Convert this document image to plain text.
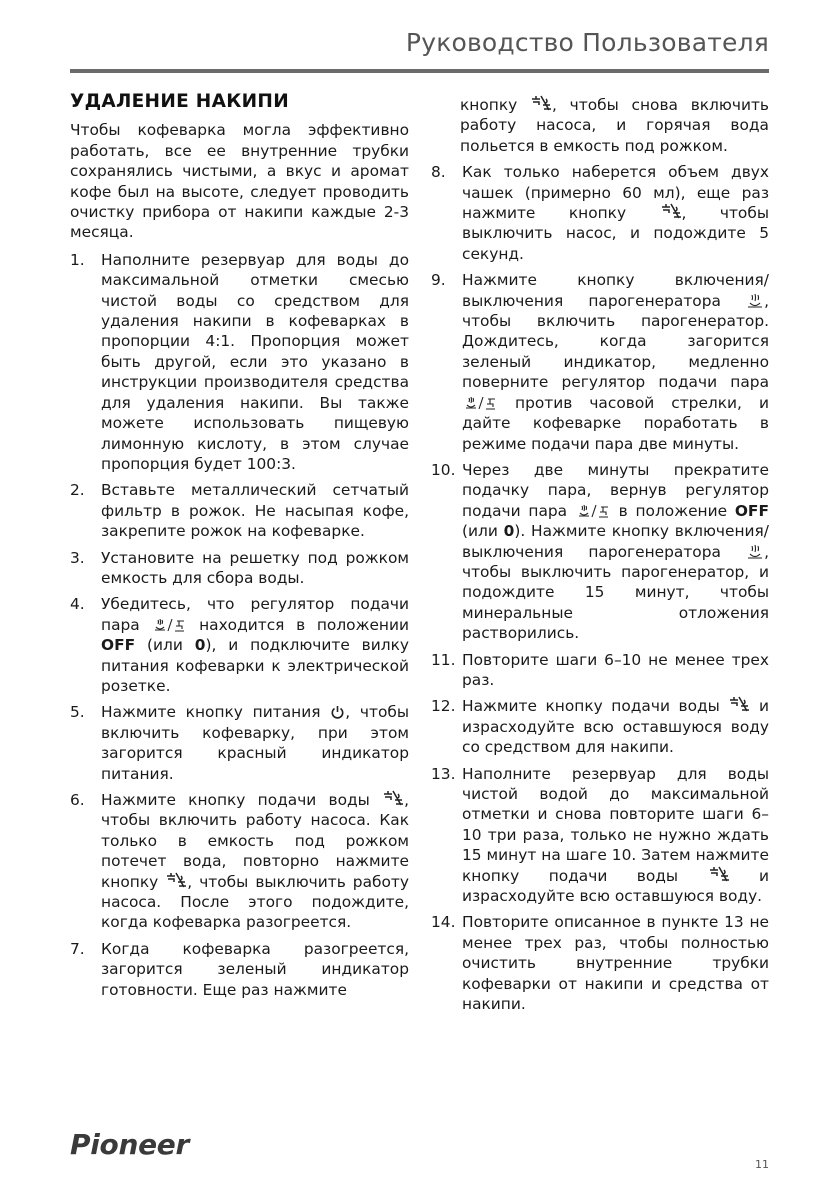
Руководство Пользователя
УДАЛЕНИЕ НАКИПИ
Чтобы кофеварка могла эффективно работать, все ее внутренние трубки сохранялись чистыми, а вкус и аромат кофе был на высоте, следует проводить очистку прибора от накипи каждые 2-3 месяца.
1.	Наполните резервуар для воды до максимальной отметки смесью чистой воды со средством для удаления накипи в кофеварках в пропорции 4:1. Пропорция может быть другой, если это указано в инструкции производителя средства для удаления накипи. Вы также можете использовать пищевую лимонную кислоту, в этом случае пропорция будет 100:3.
2.	Вставьте металлический сетчатый фильтр в рожок. Не насыпая кофе, закрепите рожок на кофеварке.
3.	Установите на решетку под рожком емкость для сбора воды.
4.	Убедитесь, что регулятор подачи пара	находится в положении OFF (или 0), и подключите вилку питания кофеварки к электрической розетке.
5.	Нажмите кнопку питания , чтобы включить кофеварку, при этом загорится красный индикатор питания.
6.	Нажмите кнопку подачи воды , чтобы включить работу насоса. Как только в емкость под рожком потечет вода, повторно нажмите кнопку , чтобы выключить работу насоса. После этого подождите, когда кофеварка разогреется.
7.	Когда кофеварка разогреется, загорится зеленый индикатор готовности. Еще раз нажмите
кнопку , чтобы снова включить работу насоса, и горячая вода польется в емкость под рожком.
8.	Как только наберется объем двух чашек (примерно 60 мл), еще раз нажмите кнопку	, чтобы выключить насос, и подождите 5 секунд.
9.	Нажмите кнопку включения/выключения парогенератора	, чтобы включить парогенератор. Дождитесь, когда загорится зеленый индикатор, медленно поверните регулятор подачи пара
против часовой стрелки, и дайте кофеварке поработать в режиме подачи пара две минуты.
10. Через две минуты прекратите подачку пара, вернув регулятор подачи пара	в положение OFF (или 0). Нажмите кнопку включения/выключения парогенератора	, чтобы выключить парогенератор, и подождите 15 минут, чтобы минеральные отложения растворились.
11. Повторите шаги 6–10 не менее трех раз.
12. Нажмите кнопку подачи воды	и израсходуйте всю оставшуюся воду со средством для накипи.
13. Наполните резервуар для воды чистой водой до максимальной отметки и снова повторите шаги 6–10 три раза, только не нужно ждать 15 минут на шаге 10. Затем нажмите кнопку подачи воды	и израсходуйте всю оставшуюся воду.
14. Повторите описанное в пункте 13 не менее трех раз, чтобы полностью очистить внутренние трубки кофеварки от накипи и средства от накипи.
Pioneer
11
